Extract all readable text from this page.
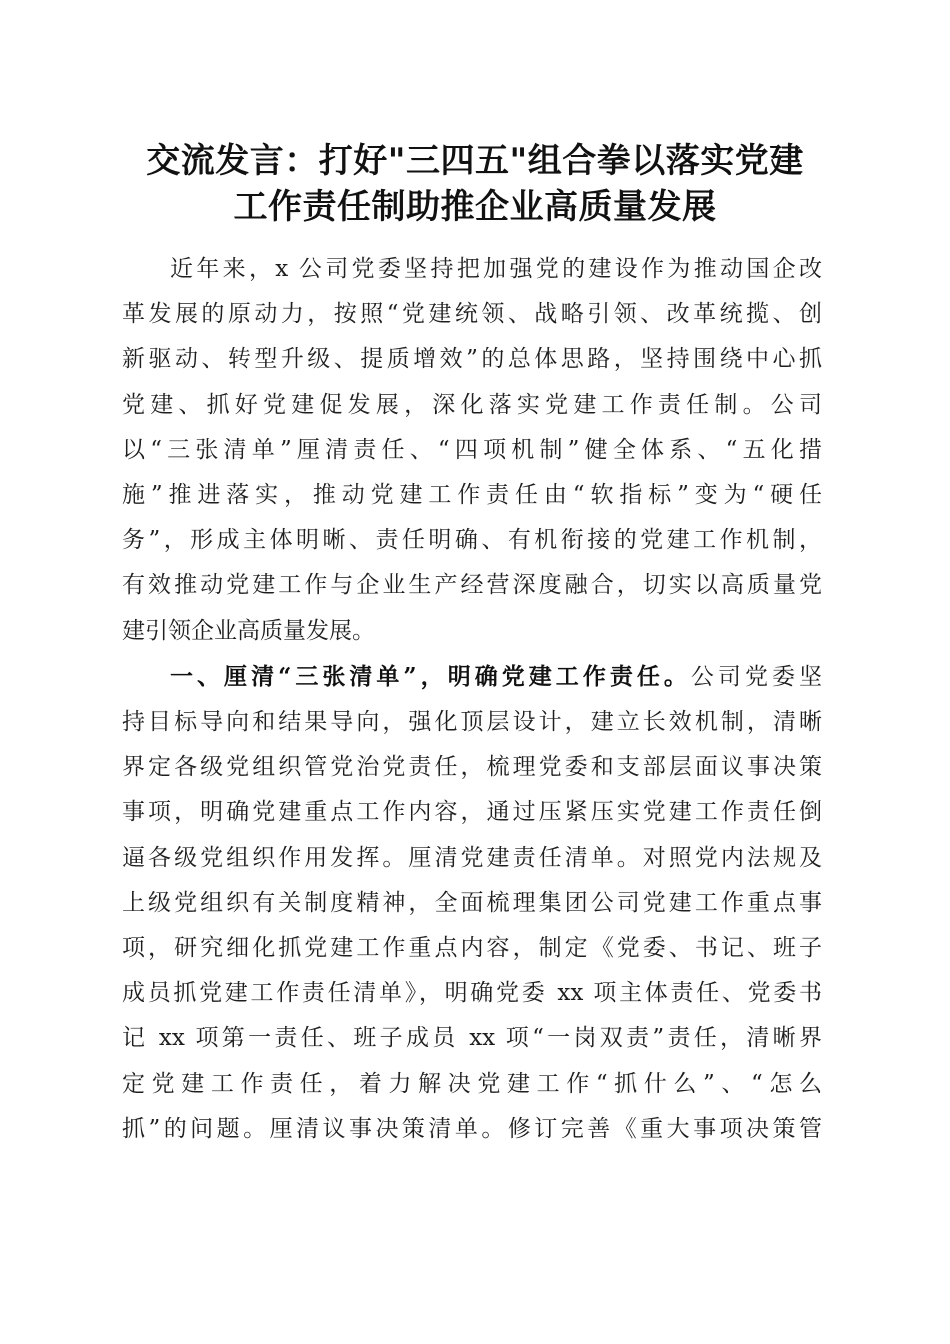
交流发言：打好"三四五"组合拳以落实党建
工作责任制助推企业高质量发展
近年来，x 公司党委坚持把加强党的建设作为推动国企改
革发展的原动力，按照“党建统领、战略引领、改革统揽、创
新驱动、转型升级、提质增效”的总体思路，坚持围绕中心抓
党建、抓好党建促发展，深化落实党建工作责任制。公司
以“三张清单”厘清责任、“四项机制”健全体系、“五化措
施”推进落实，推动党建工作责任由“软指标”变为“硬任
务”，形成主体明晰、责任明确、有机衔接的党建工作机制，
有效推动党建工作与企业生产经营深度融合，切实以高质量党
建引领企业高质量发展。
一、厘清“三张清单”，明确党建工作责任。公司党委坚
持目标导向和结果导向，强化顶层设计，建立长效机制，清晰
界定各级党组织管党治党责任，梳理党委和支部层面议事决策
事项，明确党建重点工作内容，通过压紧压实党建工作责任倒
逼各级党组织作用发挥。厘清党建责任清单。对照党内法规及
上级党组织有关制度精神，全面梳理集团公司党建工作重点事
项，研究细化抓党建工作重点内容，制定《党委、书记、班子
成员抓党建工作责任清单》，明确党委 xx 项主体责任、党委书
记 xx 项第一责任、班子成员 xx 项“一岗双责”责任，清晰界
定党建工作责任，着力解决党建工作“抓什么”、“怎么
抓”的问题。厘清议事决策清单。修订完善《重大事项决策管
